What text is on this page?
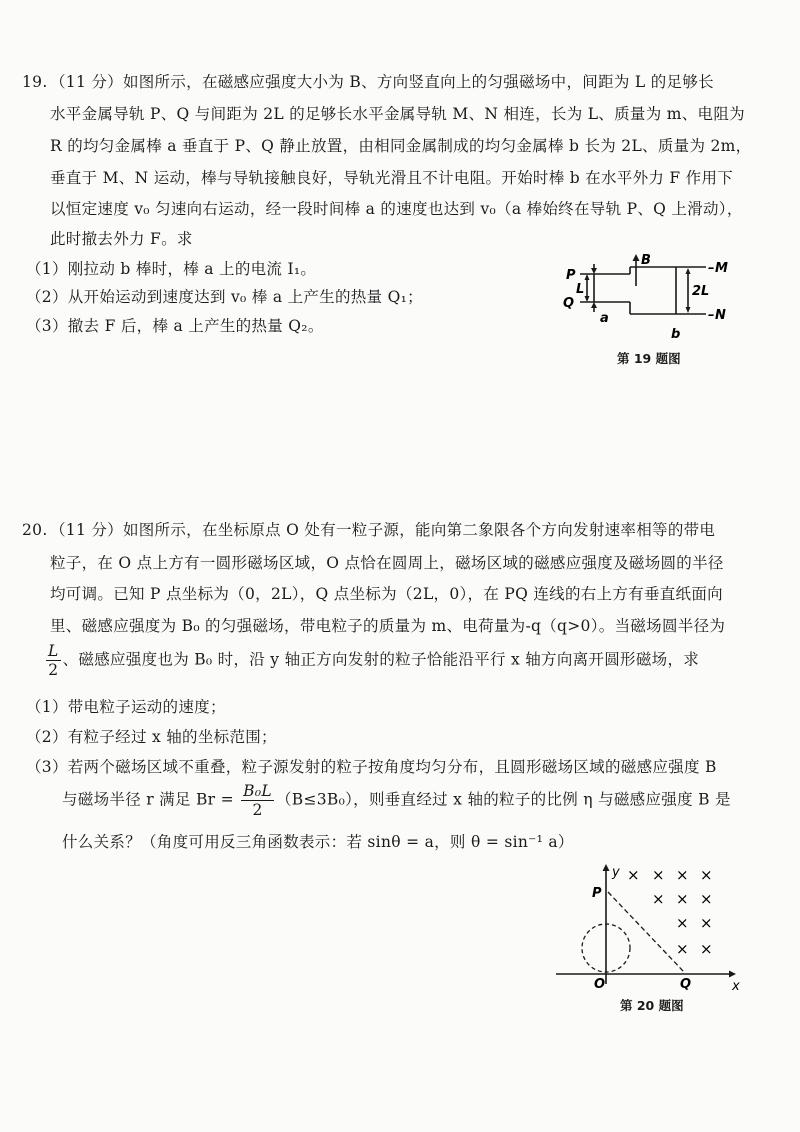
19. （11 分）如图所示，在磁感应强度大小为 B、方向竖直向上的匀强磁场中，间距为 L 的足够长
水平金属导轨 P、Q 与间距为 2L 的足够长水平金属导轨 M、N 相连，长为 L、质量为 m、电阻为
R 的均匀金属棒 a 垂直于 P、Q 静止放置，由相同金属制成的均匀金属棒 b 长为 2L、质量为 2m，
垂直于 M、N 运动，棒与导轨接触良好，导轨光滑且不计电阻。开始时棒 b 在水平外力 F 作用下
以恒定速度 v₀ 匀速向右运动，经一段时间棒 a 的速度也达到 v₀（a 棒始终在导轨 P、Q 上滑动），
此时撤去外力 F。求
（1）刚拉动 b 棒时，棒 a 上的电流 I₁。
（2）从开始运动到速度达到 v₀ 棒 a 上产生的热量 Q₁；
（3）撤去 F 后，棒 a 上产生的热量 Q₂。
P
Q
– M
– N
B
L	2L
a
b
第 19 题图
20. （11 分）如图所示，在坐标原点 O 处有一粒子源，能向第二象限各个方向发射速率相等的带电
粒子，在 O 点上方有一圆形磁场区域，O 点恰在圆周上，磁场区域的磁感应强度及磁场圆的半径
均可调。已知 P 点坐标为（0，2L），Q 点坐标为（2L，0），在 PQ 连线的右上方有垂直纸面向
里、磁感应强度为 B₀ 的匀强磁场，带电粒子的质量为 m、电荷量为-q（q>0）。当磁场圆半径为
$\frac{L}{2}$ 、磁感应强度也为 B₀ 时，沿 y 轴正方向发射的粒子恰能沿平行 x 轴方向离开圆形磁场，求
（1）带电粒子运动的速度；
（2）有粒子经过 x 轴的坐标范围；
（3）若两个磁场区域不重叠，粒子源发射的粒子按角度均匀分布，且圆形磁场区域的磁感应强度 B
与磁场半径 r 满足 $Br = \frac{\text{B₀L}}{2} (B\le 3B_0)$，则垂直经过 x 轴的粒子的比例 η 与磁感应强度 B 是
什么关系？（角度可用反三角函数表示：若 sinθ = a，则 θ = sin⁻¹ a）
y
x
P
O	Q
× × × ×
× × ×
× ×
× ×
第 20 题图
